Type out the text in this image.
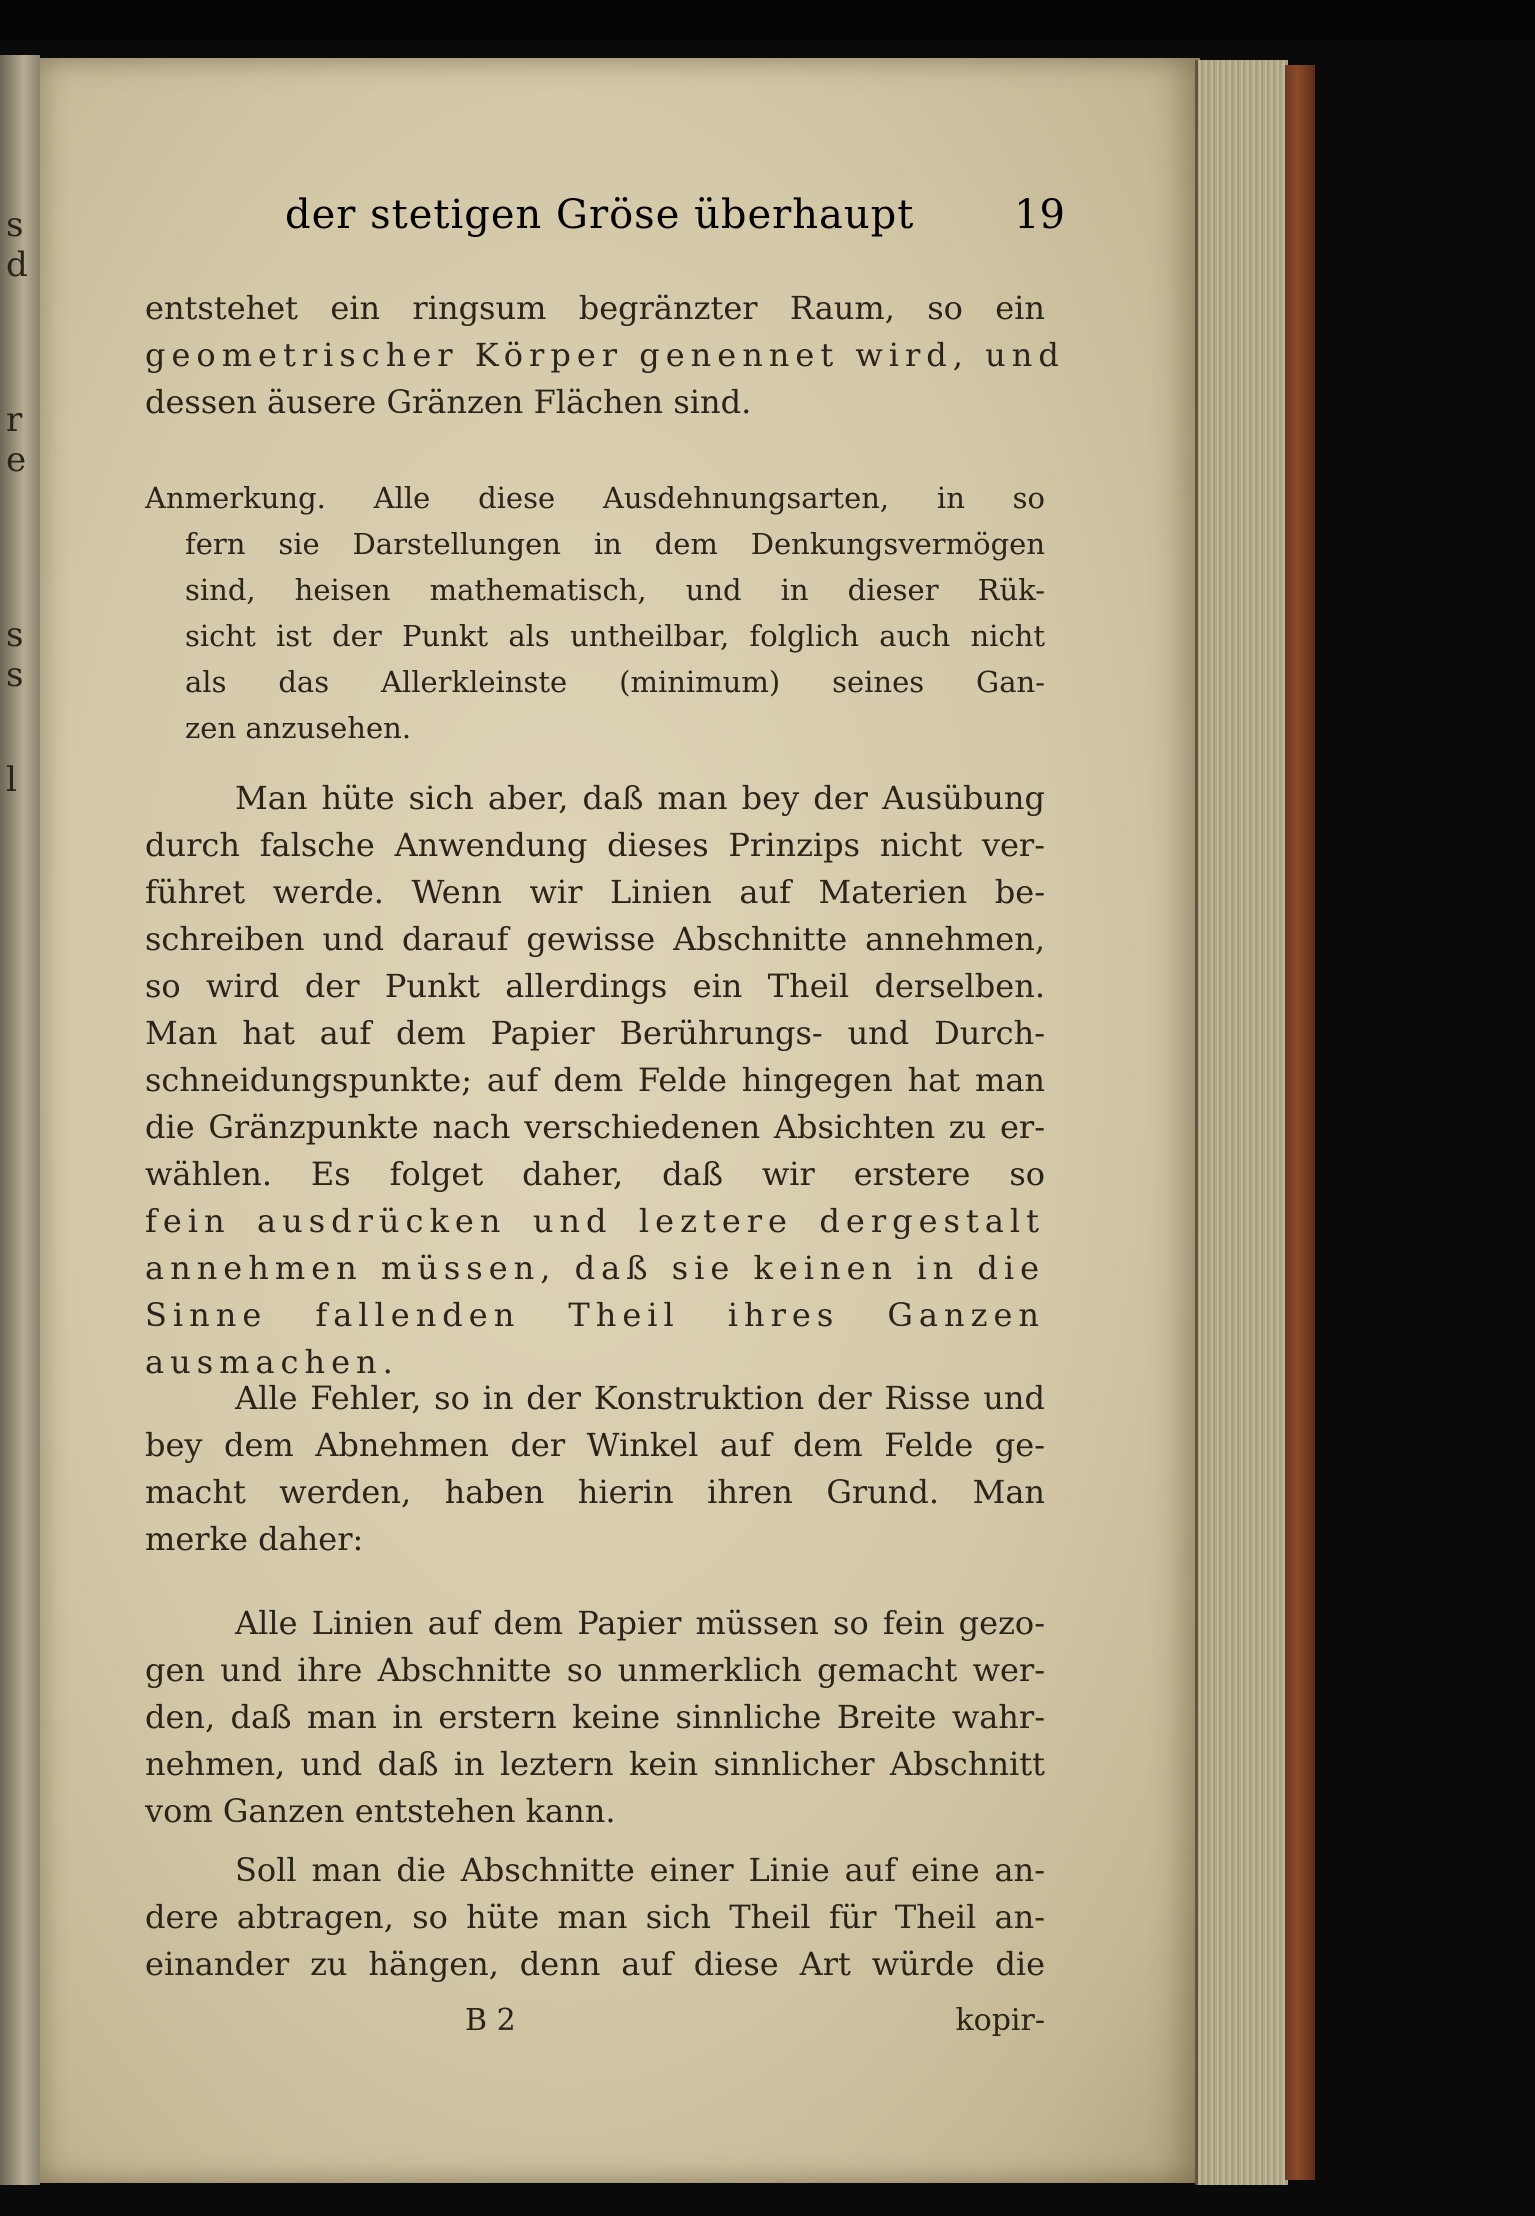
s
d
r
e
s
s
l
der stetigen Gröse überhaupt 19

entstehet ein ringsum begränzter Raum, so ein

geometrischer Körper genennet wird, und

dessen äusere Gränzen Flächen sind.

Anmerkung. Alle diese Ausdehnungsarten, in so

fern sie Darstellungen in dem Denkungsvermögen

sind, heisen mathematisch, und in dieser Rük-

sicht ist der Punkt als untheilbar, folglich auch nicht

als das Allerkleinste (minimum) seines Gan-

zen anzusehen.

Man hüte sich aber, daß man bey der Ausübung

durch falsche Anwendung dieses Prinzips nicht ver-

führet werde. Wenn wir Linien auf Materien be-

schreiben und darauf gewisse Abschnitte annehmen,

so wird der Punkt allerdings ein Theil derselben.

Man hat auf dem Papier Berührungs- und Durch-

schneidungspunkte; auf dem Felde hingegen hat man

die Gränzpunkte nach verschiedenen Absichten zu er-

wählen. Es folget daher, daß wir erstere so

fein ausdrücken und leztere dergestalt

annehmen müssen, daß sie keinen in die

Sinne fallenden Theil ihres Ganzen

ausmachen.

Alle Fehler, so in der Konstruktion der Risse und

bey dem Abnehmen der Winkel auf dem Felde ge-

macht werden, haben hierin ihren Grund. Man

merke daher:

Alle Linien auf dem Papier müssen so fein gezo-

gen und ihre Abschnitte so unmerklich gemacht wer-

den, daß man in erstern keine sinnliche Breite wahr-

nehmen, und daß in leztern kein sinnlicher Abschnitt

vom Ganzen entstehen kann.

Soll man die Abschnitte einer Linie auf eine an-

dere abtragen, so hüte man sich Theil für Theil an-

einander zu hängen, denn auf diese Art würde die

B 2	kopir-
